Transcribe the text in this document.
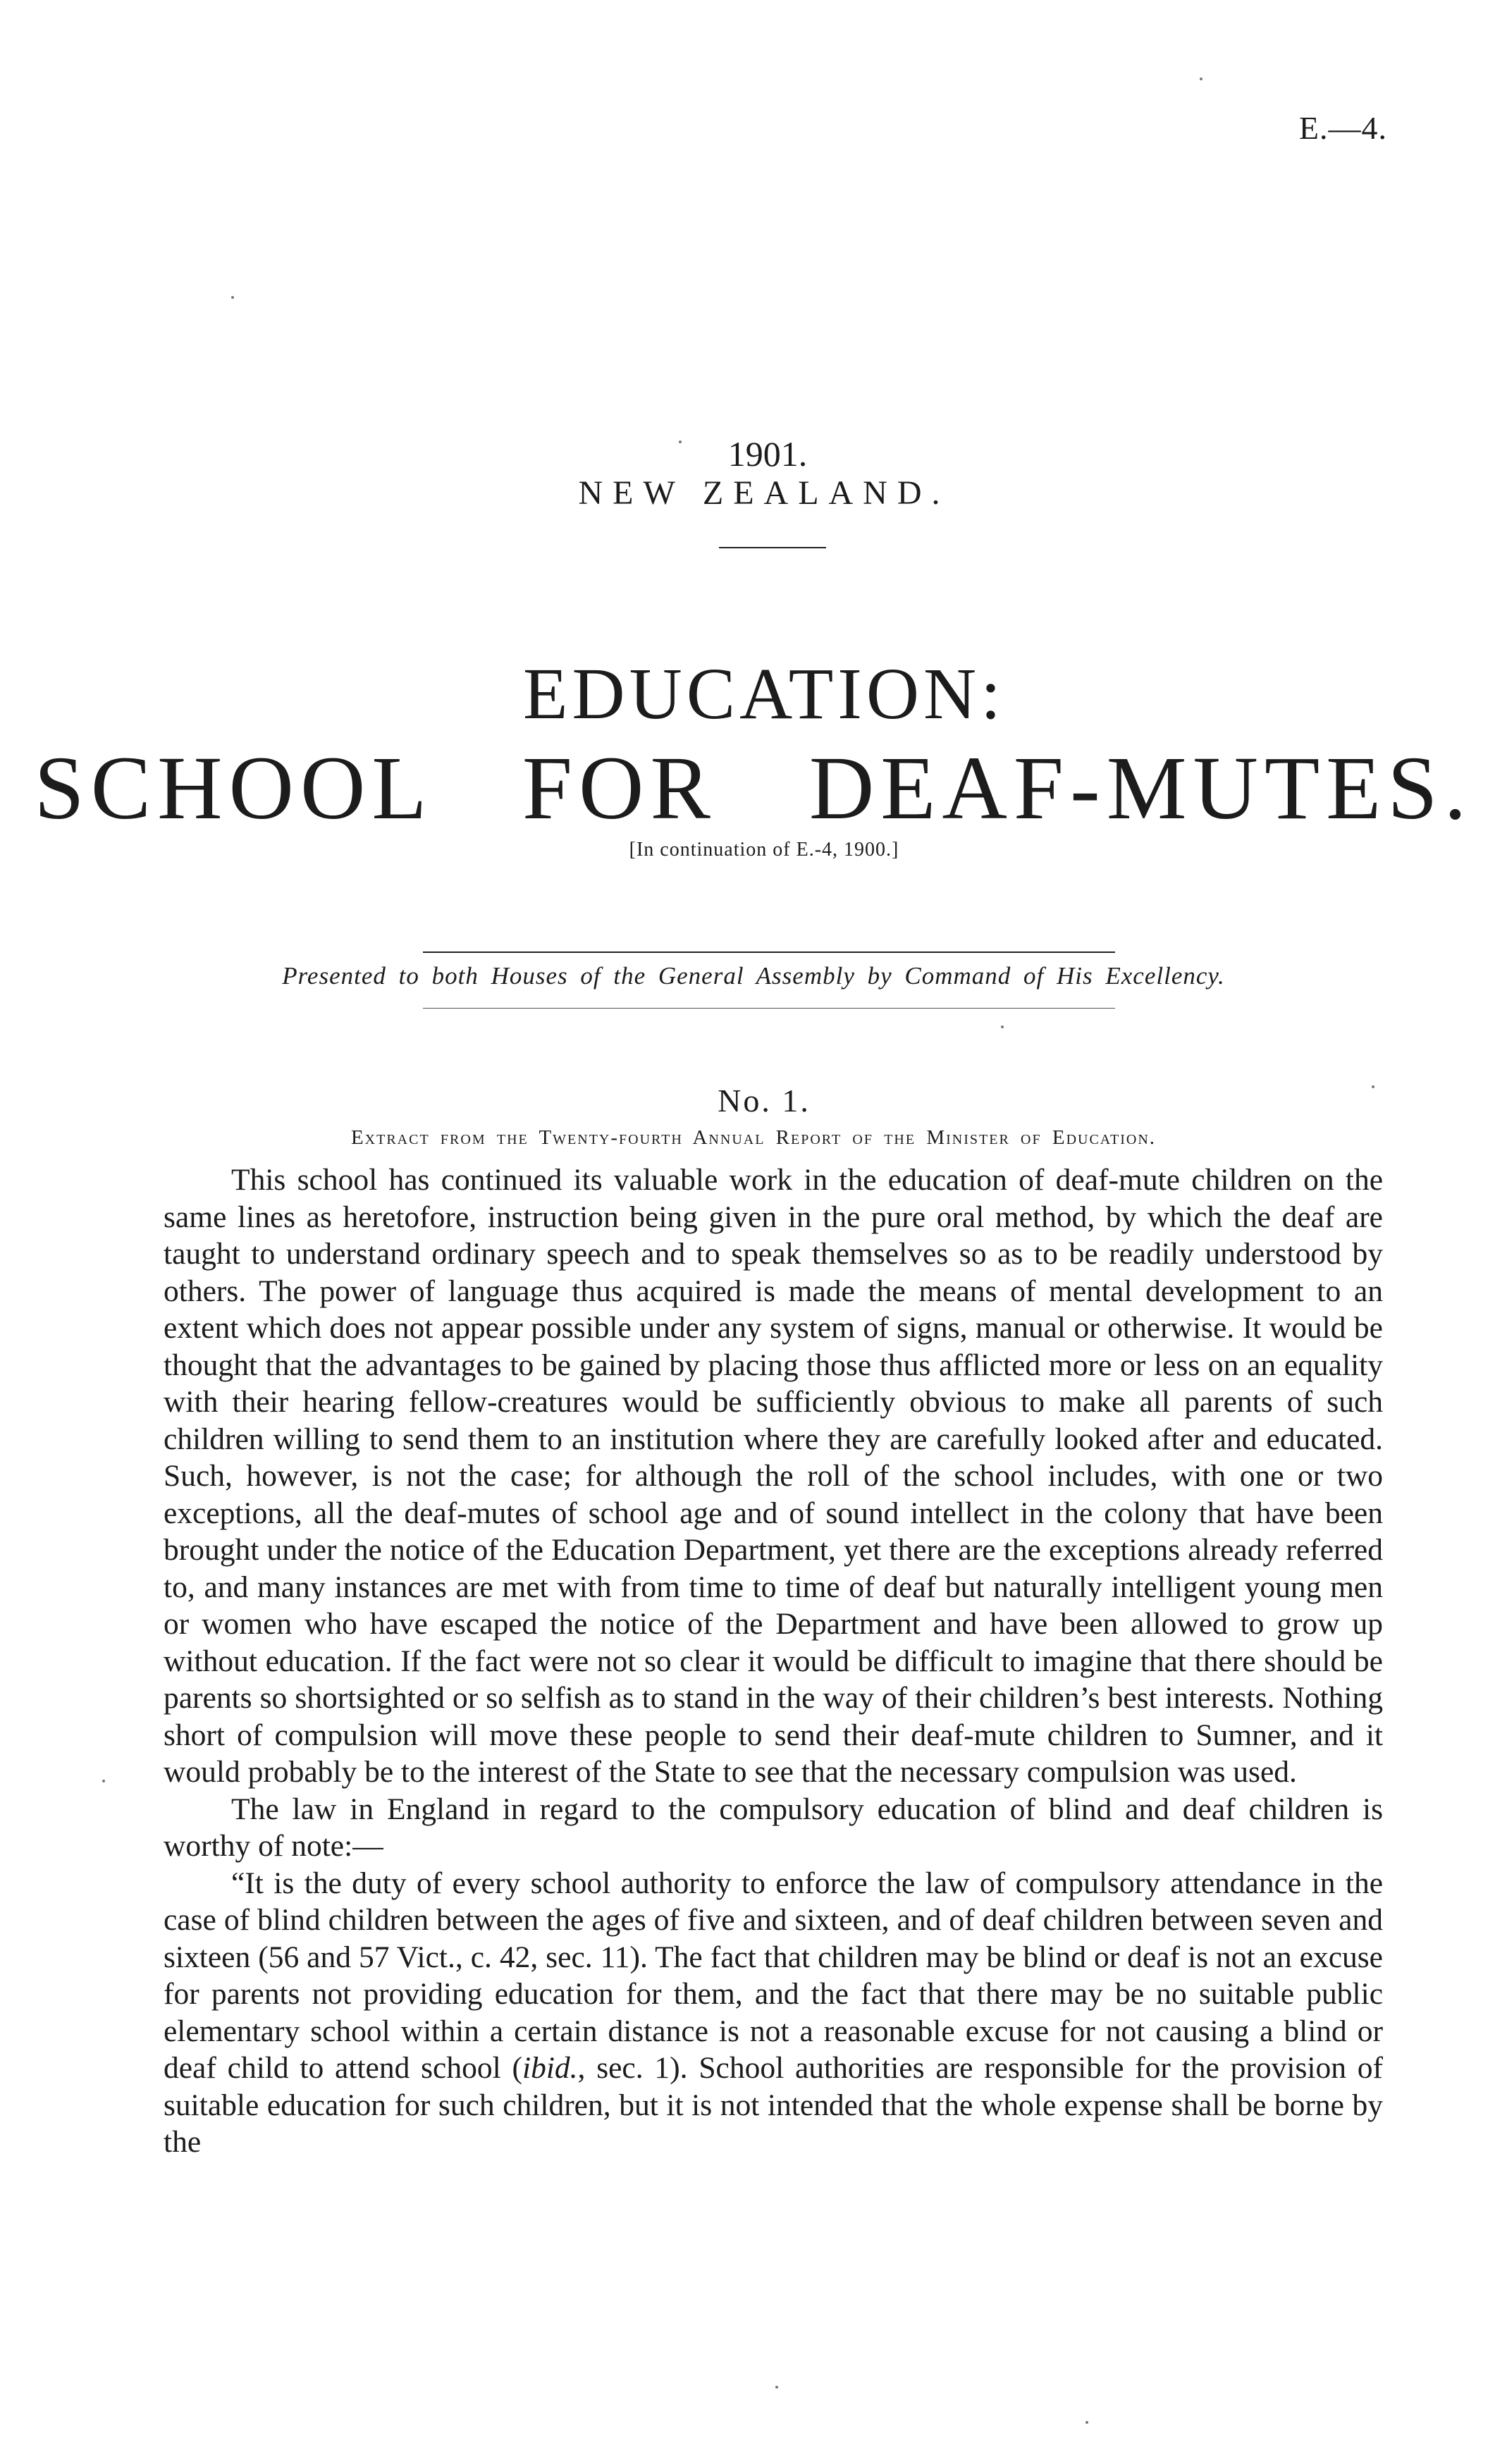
E.—4.
1901.
NEW ZEALAND.
EDUCATION:
SCHOOL FOR DEAF-MUTES.
[In continuation of E.-4, 1900.]
Presented to both Houses of the General Assembly by Command of His Excellency.
No. 1.
Extract from the Twenty-fourth Annual Report of the Minister of Education.

This school has continued its valuable work in the education of deaf-mute children on the same lines as heretofore, instruction being given in the pure oral method, by which the deaf are taught to understand ordinary speech and to speak themselves so as to be readily understood by others. The power of language thus acquired is made the means of mental development to an extent which does not appear possible under any system of signs, manual or otherwise. It would be thought that the advantages to be gained by placing those thus afflicted more or less on an equality with their hearing fellow-creatures would be sufficiently obvious to make all parents of such children willing to send them to an institution where they are carefully looked after and educated. Such, however, is not the case; for although the roll of the school includes, with one or two exceptions, all the deaf-mutes of school age and of sound intellect in the colony that have been brought under the notice of the Education Department, yet there are the exceptions already referred to, and many instances are met with from time to time of deaf but naturally intelligent young men or women who have escaped the notice of the Department and have been allowed to grow up without education. If the fact were not so clear it would be difficult to imagine that there should be parents so shortsighted or so selfish as to stand in the way of their children’s best interests. Nothing short of compulsion will move these people to send their deaf-mute children to Sumner, and it would probably be to the interest of the State to see that the necessary compulsion was used.

The law in England in regard to the compulsory education of blind and deaf children is worthy of note:—

“It is the duty of every school authority to enforce the law of compulsory attendance in the case of blind children between the ages of five and sixteen, and of deaf children between seven and sixteen (56 and 57 Vict., c. 42, sec. 11). The fact that children may be blind or deaf is not an excuse for parents not providing education for them, and the fact that there may be no suitable public elementary school within a certain distance is not a reasonable excuse for not causing a blind or deaf child to attend school (ibid., sec. 1). School authorities are responsible for the provision of suitable education for such children, but it is not intended that the whole expense shall be borne by the
